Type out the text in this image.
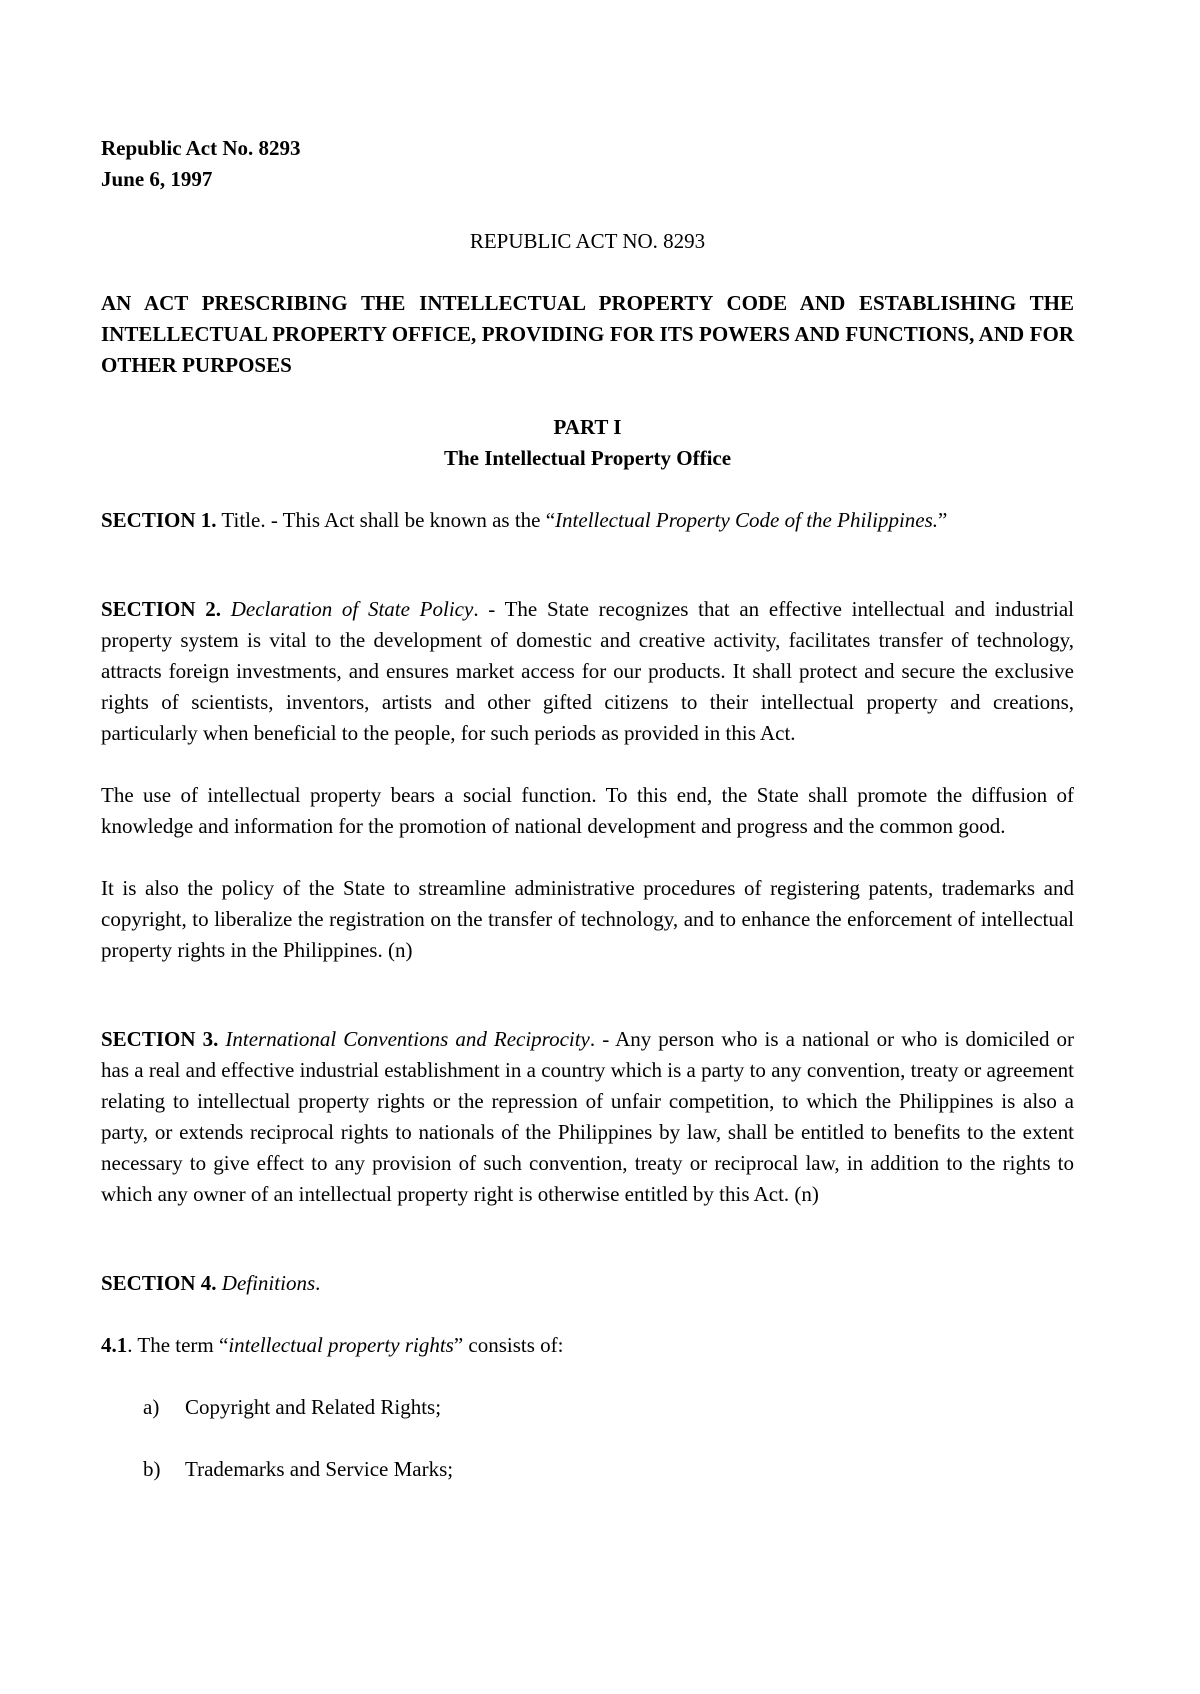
Republic Act No. 8293

June 6, 1997

REPUBLIC ACT NO. 8293

AN ACT PRESCRIBING THE INTELLECTUAL PROPERTY CODE AND ESTABLISHING THE INTELLECTUAL PROPERTY OFFICE, PROVIDING FOR ITS POWERS AND FUNCTIONS, AND FOR OTHER PURPOSES

PART I

The Intellectual Property Office

SECTION 1. Title. - This Act shall be known as the “Intellectual Property Code of the Philippines.”

SECTION 2. Declaration of State Policy. - The State recognizes that an effective intellectual and industrial property system is vital to the development of domestic and creative activity, facilitates transfer of technology, attracts foreign investments, and ensures market access for our products. It shall protect and secure the exclusive rights of scientists, inventors, artists and other gifted citizens to their intellectual property and creations, particularly when beneficial to the people, for such periods as provided in this Act.

The use of intellectual property bears a social function. To this end, the State shall promote the diffusion of knowledge and information for the promotion of national development and progress and the common good.

It is also the policy of the State to streamline administrative procedures of registering patents, trademarks and copyright, to liberalize the registration on the transfer of technology, and to enhance the enforcement of intellectual property rights in the Philippines. (n)

SECTION 3. International Conventions and Reciprocity. - Any person who is a national or who is domiciled or has a real and effective industrial establishment in a country which is a party to any convention, treaty or agreement relating to intellectual property rights or the repression of unfair competition, to which the Philippines is also a party, or extends reciprocal rights to nationals of the Philippines by law, shall be entitled to benefits to the extent necessary to give effect to any provision of such convention, treaty or reciprocal law, in addition to the rights to which any owner of an intellectual property right is otherwise entitled by this Act. (n)

SECTION 4. Definitions.

4.1. The term “intellectual property rights” consists of:

a)	Copyright and Related Rights;
b)	Trademarks and Service Marks;
